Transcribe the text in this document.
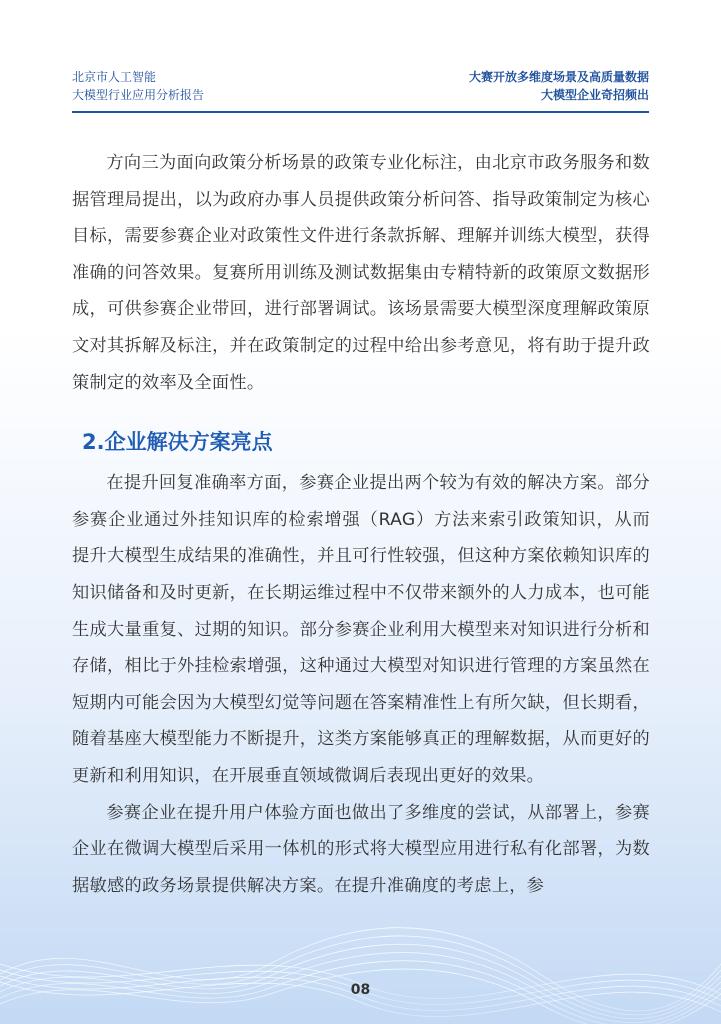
北京市人工智能
大模型行业应用分析报告
大赛开放多维度场景及高质量数据
大模型企业奇招频出

方向三为面向政策分析场景的政策专业化标注，由北京市政务服务和数据管理局提出，以为政府办事人员提供政策分析问答、指导政策制定为核心目标，需要参赛企业对政策性文件进行条款拆解、理解并训练大模型，获得准确的问答效果。复赛所用训练及测试数据集由专精特新的政策原文数据形成，可供参赛企业带回，进行部署调试。该场景需要大模型深度理解政策原文对其拆解及标注，并在政策制定的过程中给出参考意见，将有助于提升政策制定的效率及全面性。

2.企业解决方案亮点

在提升回复准确率方面，参赛企业提出两个较为有效的解决方案。部分参赛企业通过外挂知识库的检索增强（RAG）方法来索引政策知识，从而提升大模型生成结果的准确性，并且可行性较强，但这种方案依赖知识库的知识储备和及时更新，在长期运维过程中不仅带来额外的人力成本，也可能生成大量重复、过期的知识。部分参赛企业利用大模型来对知识进行分析和存储，相比于外挂检索增强，这种通过大模型对知识进行管理的方案虽然在短期内可能会因为大模型幻觉等问题在答案精准性上有所欠缺，但长期看，随着基座大模型能力不断提升，这类方案能够真正的理解数据，从而更好的更新和利用知识，在开展垂直领域微调后表现出更好的效果。

参赛企业在提升用户体验方面也做出了多维度的尝试，从部署上，参赛企业在微调大模型后采用一体机的形式将大模型应用进行私有化部署，为数据敏感的政务场景提供解决方案。在提升准确度的考虑上，参

08
